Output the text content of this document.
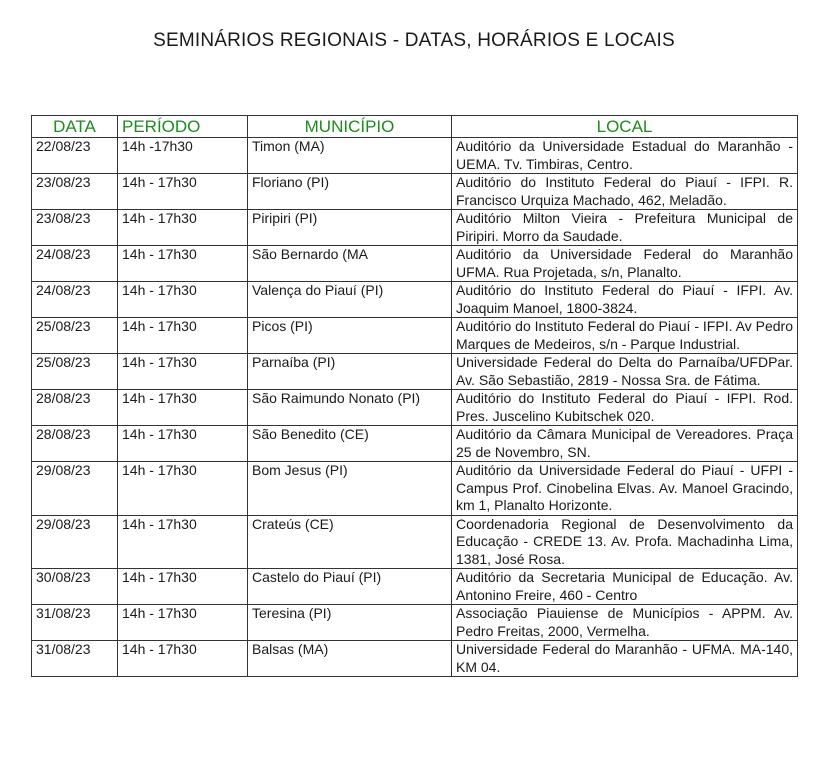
SEMINÁRIOS REGIONAIS - DATAS, HORÁRIOS E LOCAIS
DATA	PERÍODO	MUNICÍPIO	LOCAL
22/08/23	14h -17h30	Timon (MA)	Auditório da Universidade Estadual do Maranhão - UEMA. Tv. Timbiras, Centro.
23/08/23	14h - 17h30	Floriano (PI)	Auditório do Instituto Federal do Piauí - IFPI. R. Francisco Urquiza Machado, 462, Meladão.
23/08/23	14h - 17h30	Piripiri (PI)	Auditório Milton Vieira - Prefeitura Municipal de Piripiri. Morro da Saudade.
24/08/23	14h - 17h30	São Bernardo (MA	Auditório da Universidade Federal do Maranhão UFMA. Rua Projetada, s/n, Planalto.
24/08/23	14h - 17h30	Valença do Piauí (PI)	Auditório do Instituto Federal do Piauí - IFPI. Av. Joaquim Manoel, 1800-3824.
25/08/23	14h - 17h30	Picos (PI)	Auditório do Instituto Federal do Piauí - IFPI. Av Pedro Marques de Medeiros, s/n - Parque Industrial.
25/08/23	14h - 17h30	Parnaíba (PI)	Universidade Federal do Delta do Parnaíba/UFDPar. Av. São Sebastião, 2819 - Nossa Sra. de Fátima.
28/08/23	14h - 17h30	São Raimundo Nonato (PI)	Auditório do Instituto Federal do Piauí - IFPI. Rod. Pres. Juscelino Kubitschek 020.
28/08/23	14h - 17h30	São Benedito (CE)	Auditório da Câmara Municipal de Vereadores. Praça 25 de Novembro, SN.
29/08/23	14h - 17h30	Bom Jesus (PI)	Auditório da Universidade Federal do Piauí - UFPI - Campus Prof. Cinobelina Elvas. Av. Manoel Gracindo, km 1, Planalto Horizonte.
29/08/23	14h - 17h30	Crateús (CE)	Coordenadoria Regional de Desenvolvimento da Educação - CREDE 13. Av. Profa. Machadinha Lima, 1381, José Rosa.
30/08/23	14h - 17h30	Castelo do Piauí (PI)	Auditório da Secretaria Municipal de Educação. Av. Antonino Freire, 460 - Centro
31/08/23	14h - 17h30	Teresina (PI)	Associação Piauiense de Municípios - APPM. Av. Pedro Freitas, 2000, Vermelha.
31/08/23	14h - 17h30	Balsas (MA)	Universidade Federal do Maranhão - UFMA. MA-140, KM 04.
